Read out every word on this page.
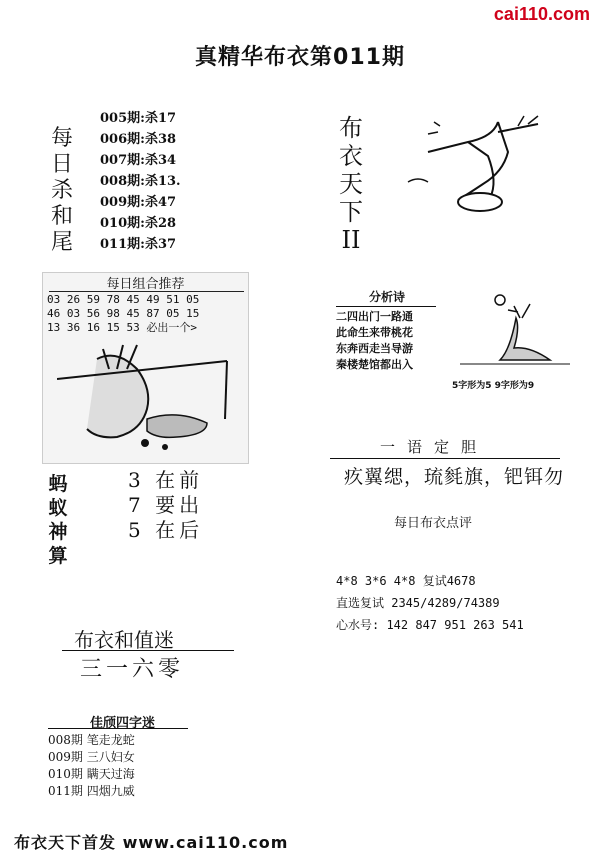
cai110.com
真精华布衣第011期
每
日
杀
和
尾
005期:杀17
006期:杀38
007期:杀34
008期:杀13.
009期:杀47
010期:杀28
011期:杀37
布
衣
天
下
II
每日组合推荐
03 26 59 78 45 49 51 05
46 03 56 98 45 87 05 15
13 36 16 15 53 必出一个>
分析诗
二四出门一路通
此命生来带桃花
东奔西走当导游
秦楼楚馆都出入
5字形为5 9字形为9
蚂
蚁
神
算
3 在前
7 要出
5 在后
一语定胆
疚翼缌，琉毵旗，钯铒勿
每日布衣点评
4*8 3*6 4*8 复试4678
直选复试 2345/4289/74389
心水号: 142 847 951 263 541
布衣和值迷
三一六零
佳颀四字迷
008期 笔走龙蛇
009期 三八妇女
010期 瞒天过海
011期 四烟九威
布衣天下首发 www.cai110.com
